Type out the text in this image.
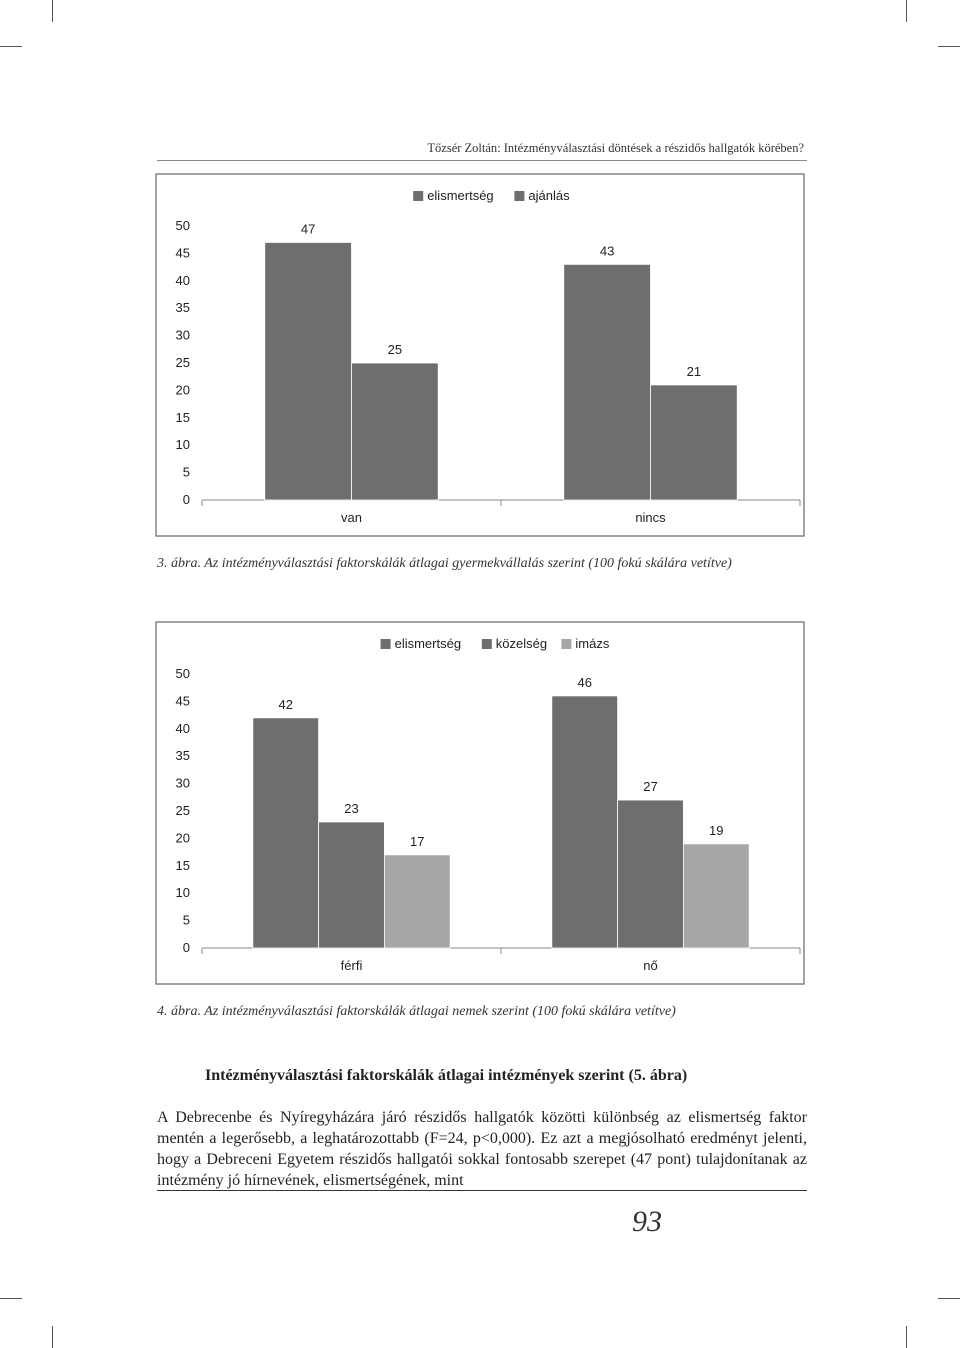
Tőzsér Zoltán: Intézményválasztási döntések a részidős hallgatók körében?
0
5
10
15
20
25
30
35
40
45
50	47
25
van
43
21
nincs
elismertség	ajánlás
3. ábra. Az intézményválasztási faktorskálák átlagai gyermekvállalás szerint (100 fokú skálára vetítve)
0
5
10
15
20
25
30
35
40
45
50
42
23
17
férfi
46
27
19
nő
elismertség	közelség imázs
4. ábra. Az intézményválasztási faktorskálák átlagai nemek szerint (100 fokú skálára vetítve)
Intézményválasztási faktorskálák átlagai intézmények szerint (5. ábra)
A Debrecenbe és Nyíregyházára járó részidős hallgatók közötti különbség az elismertség faktor mentén a legerősebb, a leghatározottabb (F=24, p<0,000). Ez azt a megjósolható eredményt jelenti, hogy a Debreceni Egyetem részidős hallgatói sokkal fontosabb szerepet (47 pont) tulajdonítanak az intézmény jó hírnevének, elismertségének, mint
93
